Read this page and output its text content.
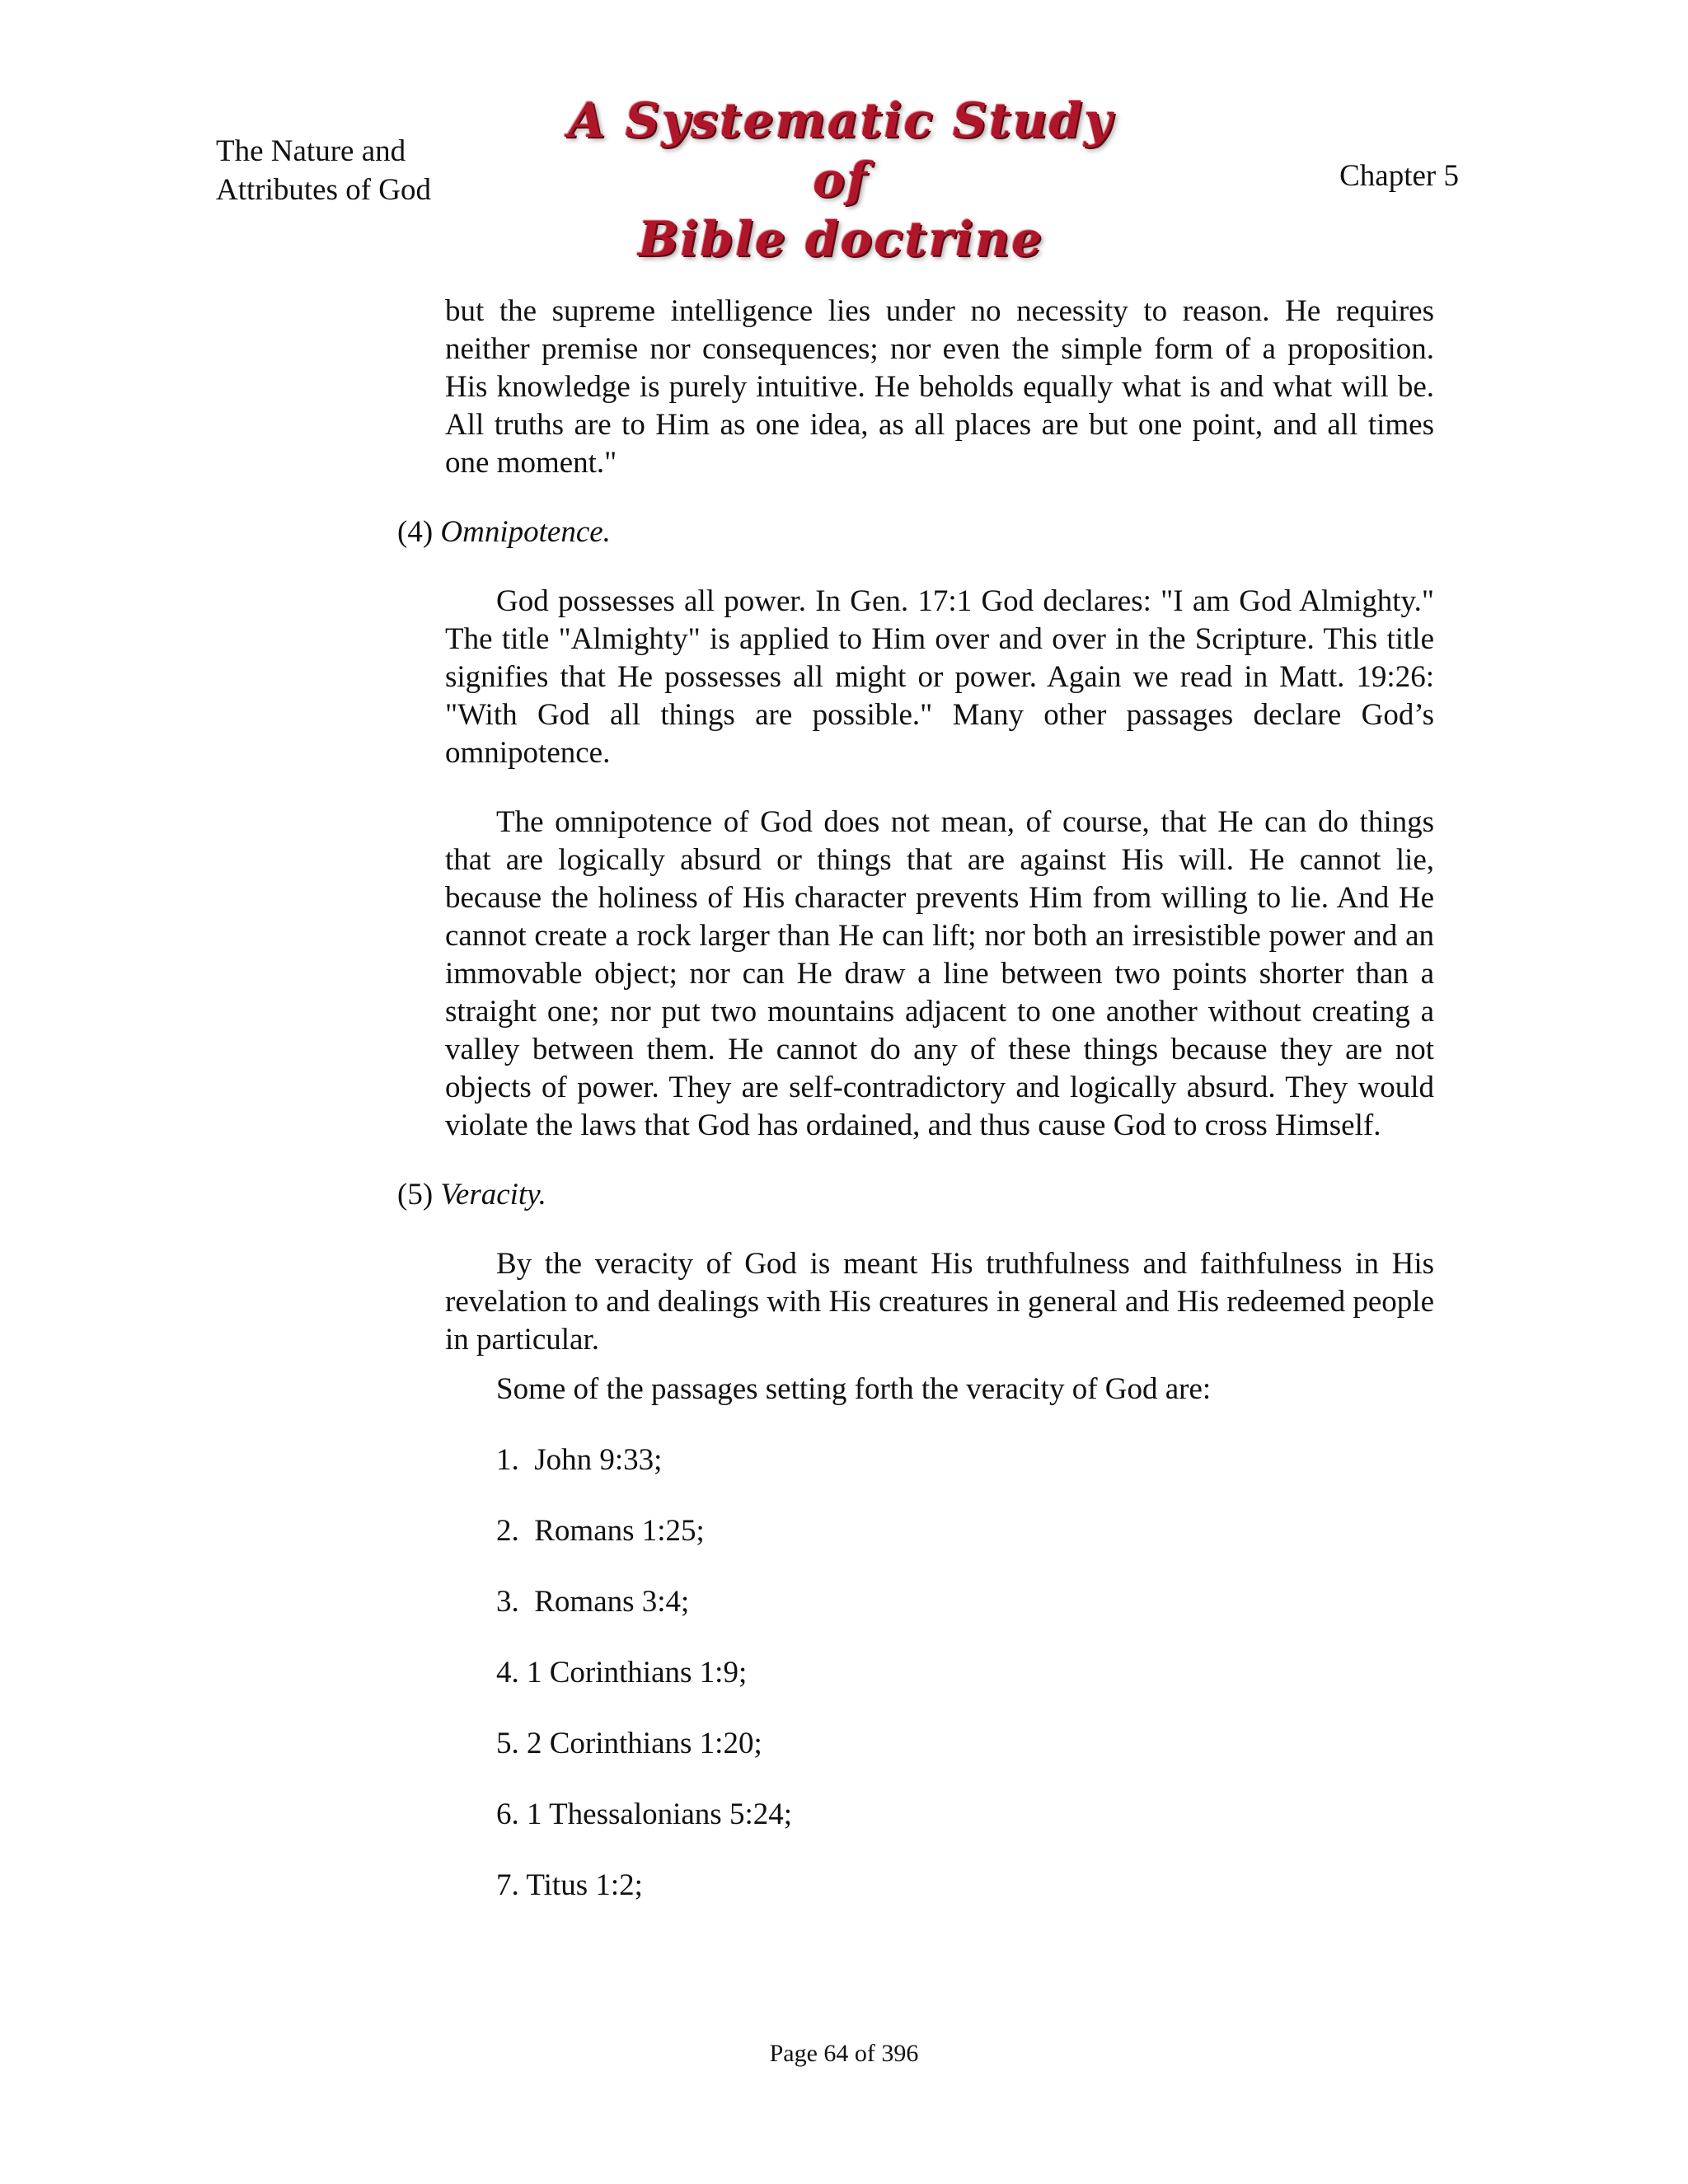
The Nature and
Attributes of God
A Systematic Study of
Bible doctrine
Chapter 5

but the supreme intelligence lies under no necessity to reason. He requires neither premise nor consequences; nor even the simple form of a proposition. His knowledge is purely intuitive. He beholds equally what is and what will be. All truths are to Him as one idea, as all places are but one point, and all times one moment."

(4) Omnipotence.

God possesses all power. In Gen. 17:1 God declares: "I am God Almighty." The title "Almighty" is applied to Him over and over in the Scripture. This title signifies that He possesses all might or power. Again we read in Matt. 19:26: "With God all things are possible." Many other passages declare God’s omnipotence.

The omnipotence of God does not mean, of course, that He can do things that are logically absurd or things that are against His will. He cannot lie, because the holiness of His character prevents Him from willing to lie. And He cannot create a rock larger than He can lift; nor both an irresistible power and an immovable object; nor can He draw a line between two points shorter than a straight one; nor put two mountains adjacent to one another without creating a valley between them. He cannot do any of these things because they are not objects of power. They are self-contradictory and logically absurd. They would violate the laws that God has ordained, and thus cause God to cross Himself.

(5) Veracity.

By the veracity of God is meant His truthfulness and faithfulness in His revelation to and dealings with His creatures in general and His redeemed people in particular.

Some of the passages setting forth the veracity of God are:

1.  John 9:33;
2.  Romans 1:25;
3.  Romans 3:4;
4. 1 Corinthians 1:9;
5. 2 Corinthians 1:20;
6. 1 Thessalonians 5:24;
7. Titus 1:2;
Page 64 of 396
